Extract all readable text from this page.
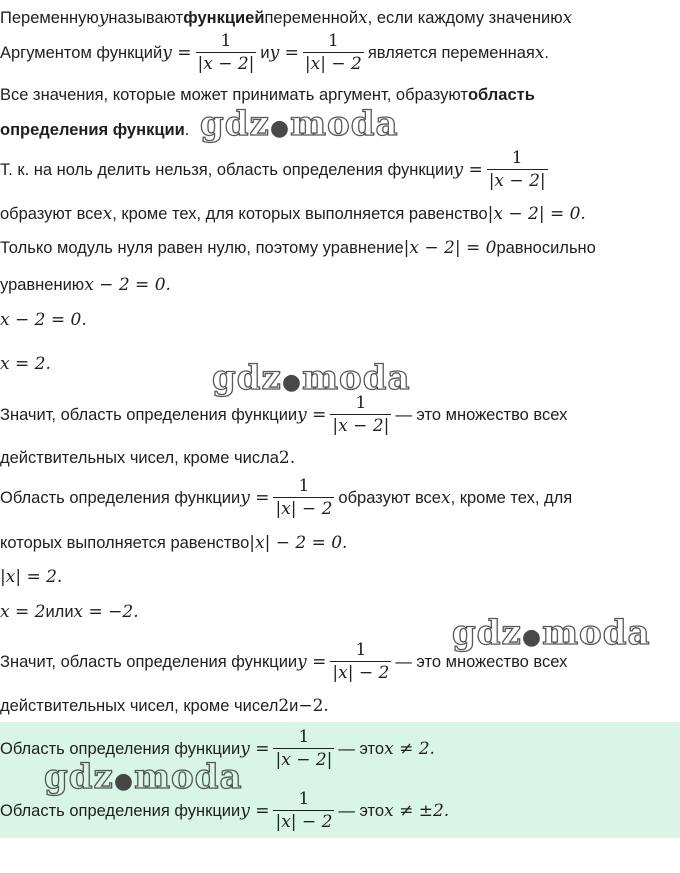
Переменную y называют функцией переменной x , если каждому значению x
Аргументом функций $y = \frac{1}{|x - 2|}$ и $y = \frac{1}{|x| - 2}$ является переменная x .
Все значения, которые может принимать аргумент, образуют область
определения функции .
Т. к. на ноль делить нельзя, область определения функции $y = \frac{1}{|x - 2|}$
образуют все x , кроме тех, для которых выполняется равенство |x − 2| = 0.
Только модуль нуля равен нулю, поэтому уравнение |x − 2| = 0 равносильно
уравнению x − 2 = 0.
x − 2 = 0.
x = 2.
Значит, область определения функции $y = \frac{1}{|x - 2|}$ — это множество всех
действительных чисел, кроме числа 2.
Область определения функции $y = \frac{1}{|x| - 2}$ образуют все x , кроме тех, для
которых выполняется равенство |x| − 2 = 0.
|x| = 2.
x = 2 или x = −2.
Значит, область определения функции $y = \frac{1}{|x| - 2}$ — это множество всех
действительных чисел, кроме чисел 2 и −2.
Область определения функции $y = \frac{1}{|x - 2|}$ — это x ≠ 2.
Область определения функции $y = \frac{1}{|x| - 2}$ — это x ≠ ±2.
gdz●moda
gdz●moda
gdz●moda
gdz●moda
